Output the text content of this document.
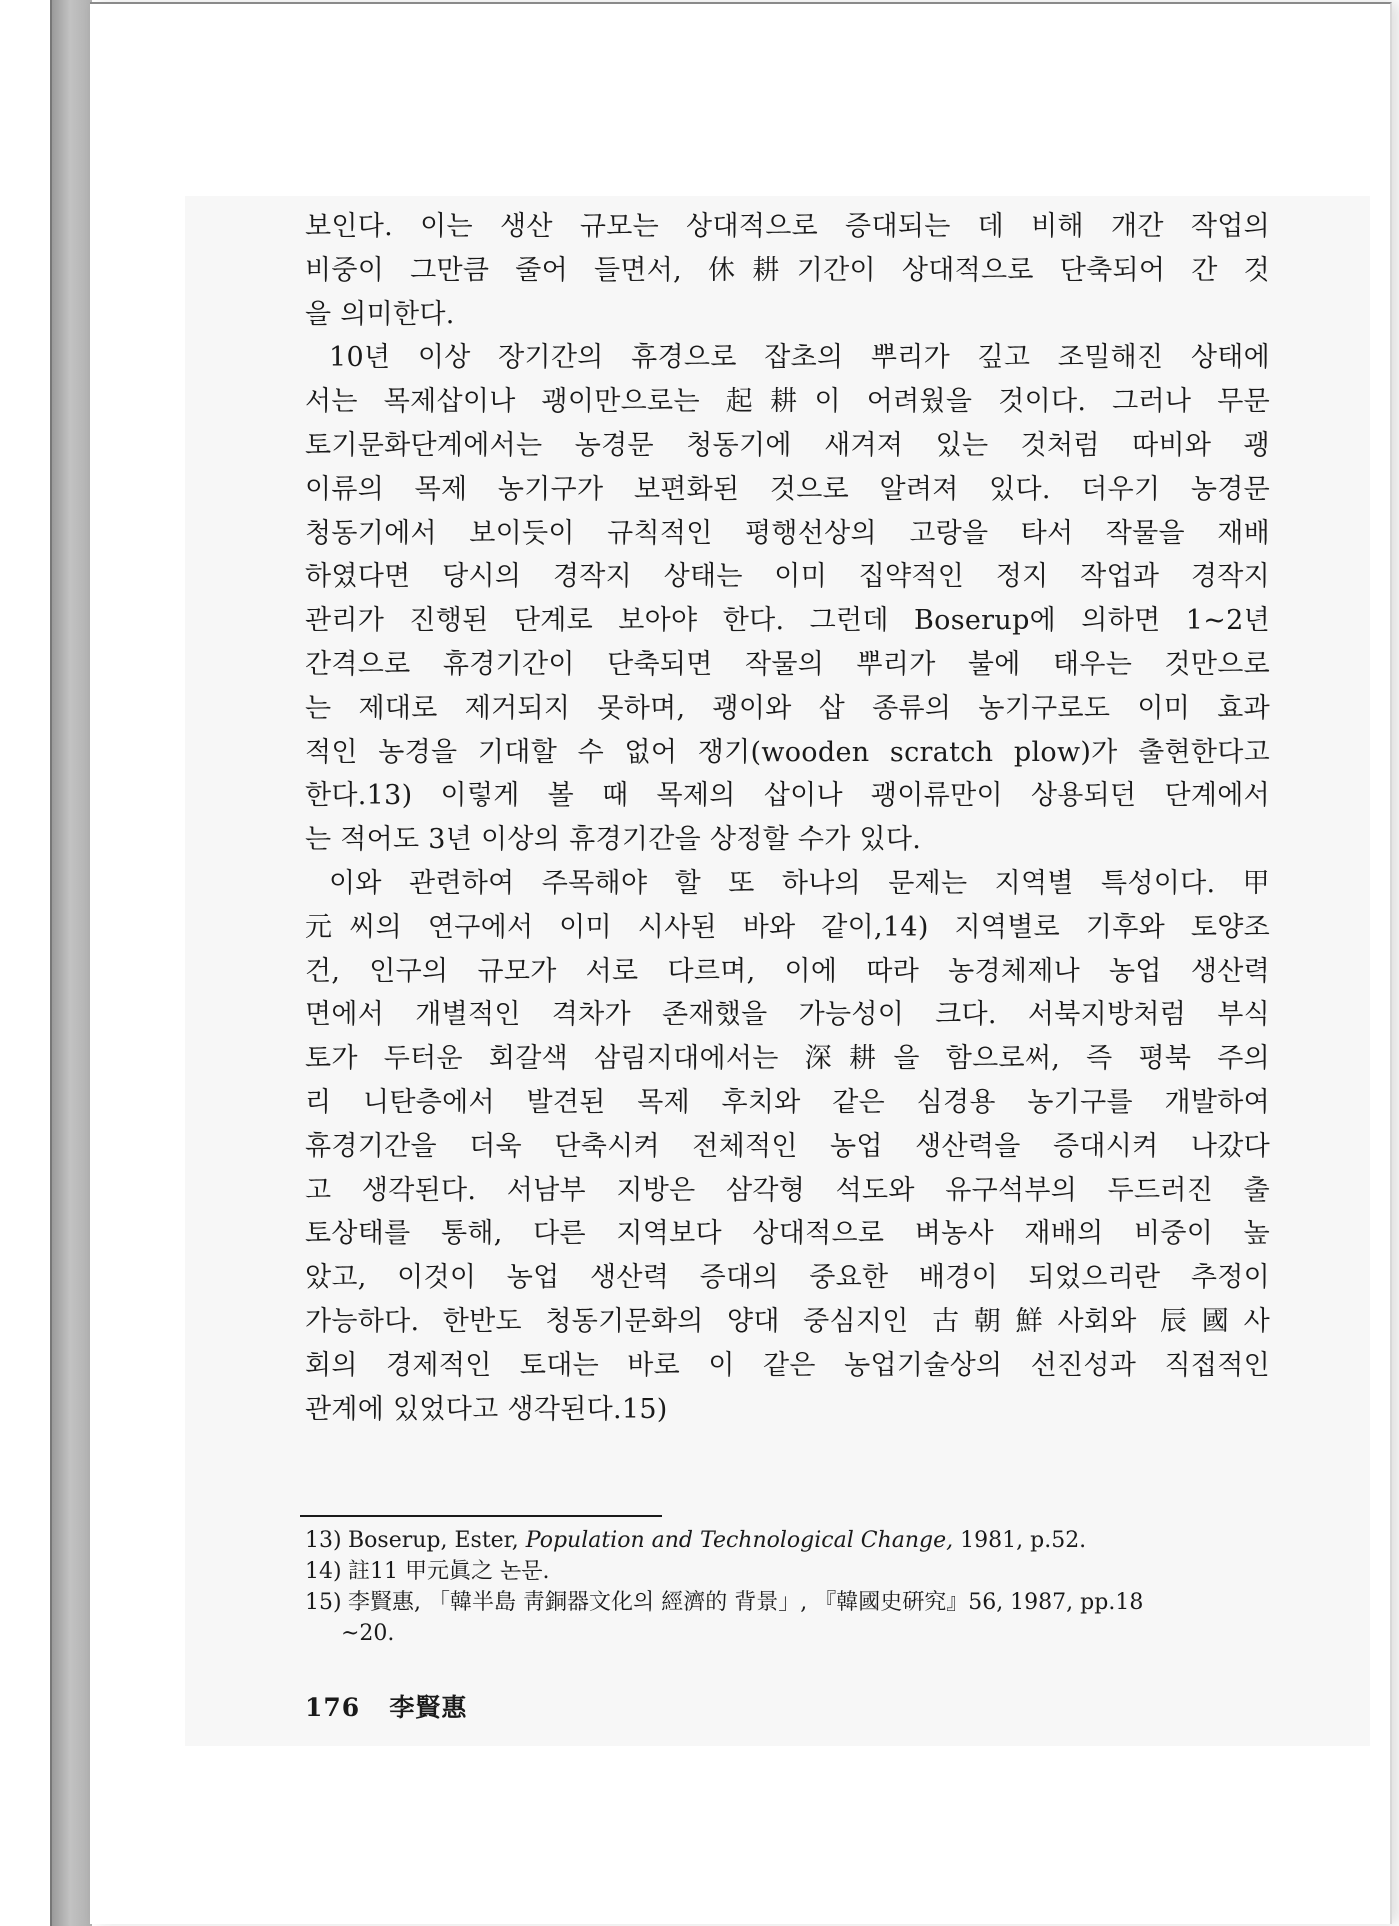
보인다. 이는 생산 규모는 상대적으로 증대되는 데 비해 개간 작업의
비중이 그만큼 줄어 들면서, 休耕기간이 상대적으로 단축되어 간 것
을 의미한다.
10년 이상 장기간의 휴경으로 잡초의 뿌리가 깊고 조밀해진 상태에
서는 목제삽이나 괭이만으로는 起耕이 어려웠을 것이다. 그러나 무문
토기문화단계에서는 농경문 청동기에 새겨져 있는 것처럼 따비와 괭
이류의 목제 농기구가 보편화된 것으로 알려져 있다. 더우기 농경문
청동기에서 보이듯이 규칙적인 평행선상의 고랑을 타서 작물을 재배
하였다면 당시의 경작지 상태는 이미 집약적인 정지 작업과 경작지
관리가 진행된 단계로 보아야 한다. 그런데 Boserup에 의하면 1~2년
간격으로 휴경기간이 단축되면 작물의 뿌리가 불에 태우는 것만으로
는 제대로 제거되지 못하며, 괭이와 삽 종류의 농기구로도 이미 효과
적인 농경을 기대할 수 없어 쟁기(wooden scratch plow)가 출현한다고
한다.13) 이렇게 볼 때 목제의 삽이나 괭이류만이 상용되던 단계에서
는 적어도 3년 이상의 휴경기간을 상정할 수가 있다.
이와 관련하여 주목해야 할 또 하나의 문제는 지역별 특성이다. 甲
元씨의 연구에서 이미 시사된 바와 같이,14) 지역별로 기후와 토양조
건, 인구의 규모가 서로 다르며, 이에 따라 농경체제나 농업 생산력
면에서 개별적인 격차가 존재했을 가능성이 크다. 서북지방처럼 부식
토가 두터운 회갈색 삼림지대에서는 深耕을 함으로써, 즉 평북 주의
리 니탄층에서 발견된 목제 후치와 같은 심경용 농기구를 개발하여
휴경기간을 더욱 단축시켜 전체적인 농업 생산력을 증대시켜 나갔다
고 생각된다. 서남부 지방은 삼각형 석도와 유구석부의 두드러진 출
토상태를 통해, 다른 지역보다 상대적으로 벼농사 재배의 비중이 높
았고, 이것이 농업 생산력 증대의 중요한 배경이 되었으리란 추정이
가능하다. 한반도 청동기문화의 양대 중심지인 古朝鮮사회와 辰國사
회의 경제적인 토대는 바로 이 같은 농업기술상의 선진성과 직접적인
관계에 있었다고 생각된다.15)
13) Boserup, Ester, Population and Technological Change, 1981, p.52.
14) 註11 甲元眞之 논문.
15) 李賢惠, 「韓半島 靑銅器文化의 經濟的 背景」, 『韓國史硏究』56, 1987, pp.18
~20.
176 李賢惠
